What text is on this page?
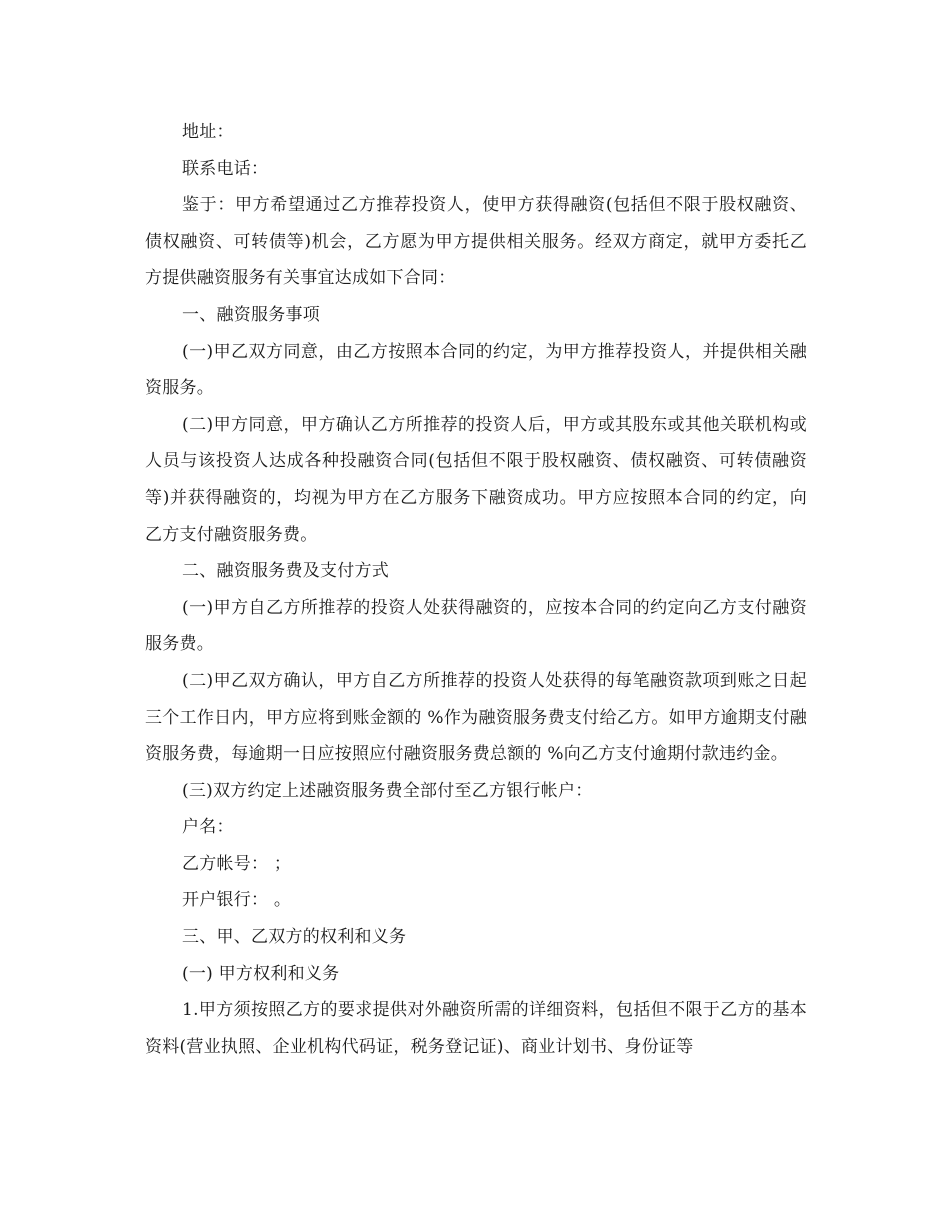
地址：

联系电话：

鉴于：甲方希望通过乙方推荐投资人，使甲方获得融资(包括但不限于股权融资、债权融资、可转债等)机会，乙方愿为甲方提供相关服务。经双方商定，就甲方委托乙方提供融资服务有关事宜达成如下合同：

一、融资服务事项

(一)甲乙双方同意，由乙方按照本合同的约定，为甲方推荐投资人，并提供相关融资服务。

(二)甲方同意，甲方确认乙方所推荐的投资人后，甲方或其股东或其他关联机构或人员与该投资人达成各种投融资合同(包括但不限于股权融资、债权融资、可转债融资等)并获得融资的，均视为甲方在乙方服务下融资成功。甲方应按照本合同的约定，向乙方支付融资服务费。

二、融资服务费及支付方式

(一)甲方自乙方所推荐的投资人处获得融资的，应按本合同的约定向乙方支付融资服务费。

(二)甲乙双方确认，甲方自乙方所推荐的投资人处获得的每笔融资款项到账之日起三个工作日内，甲方应将到账金额的 %作为融资服务费支付给乙方。如甲方逾期支付融资服务费，每逾期一日应按照应付融资服务费总额的 %向乙方支付逾期付款违约金。

(三)双方约定上述融资服务费全部付至乙方银行帐户：

户名：

乙方帐号： ；

开户银行： 。

三、甲、乙双方的权利和义务

(一) 甲方权利和义务

1.甲方须按照乙方的要求提供对外融资所需的详细资料，包括但不限于乙方的基本资料(营业执照、企业机构代码证，税务登记证)、商业计划书、身份证等
